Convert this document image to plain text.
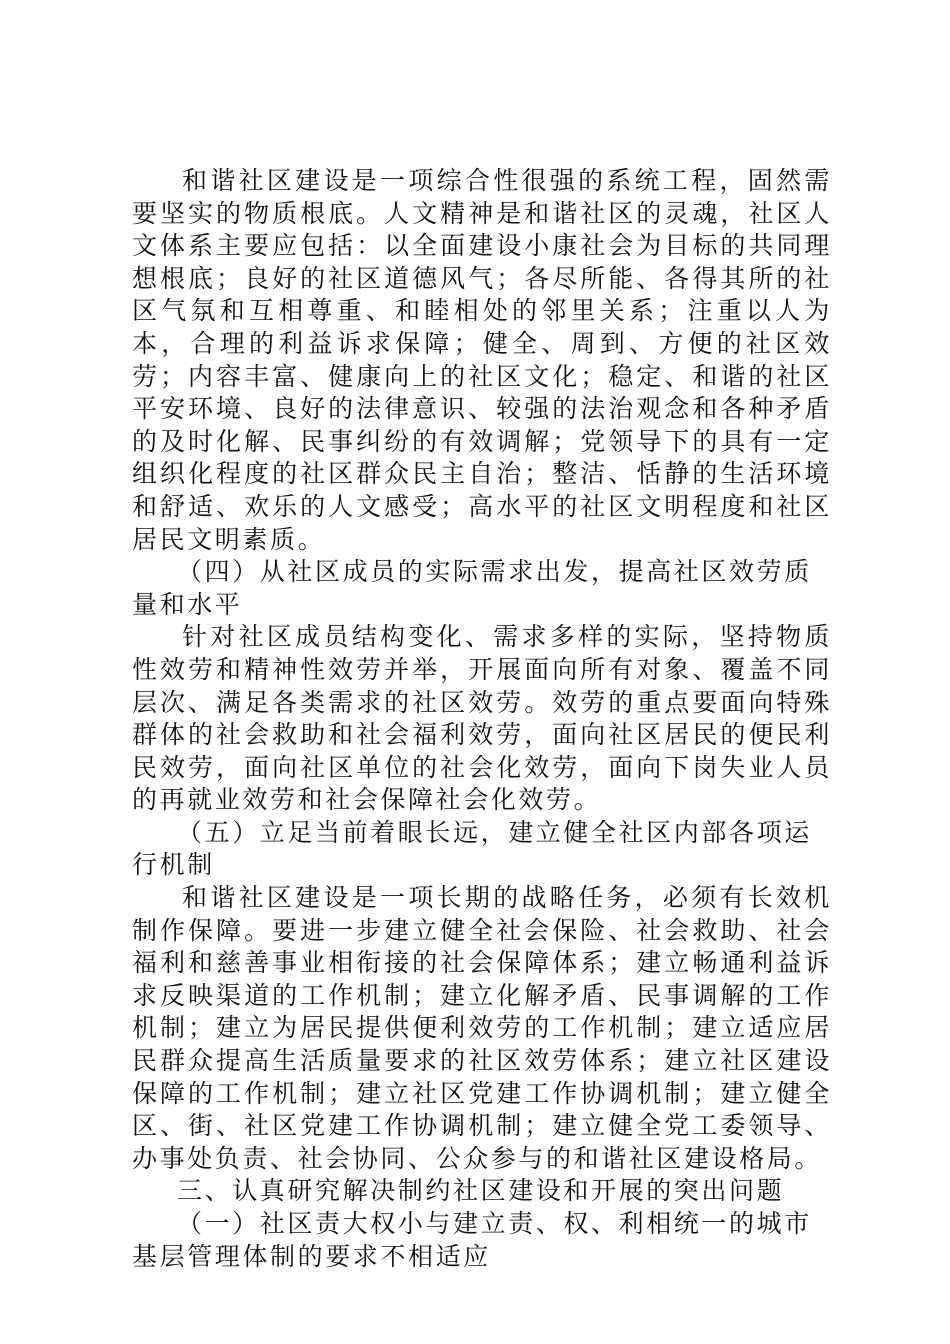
和谐社区建设是一项综合性很强的系统工程，固然需要坚实的物质根底。人文精神是和谐社区的灵魂，社区人文体系主要应包括：以全面建设小康社会为目标的共同理想根底；良好的社区道德风气；各尽所能、各得其所的社区气氛和互相尊重、和睦相处的邻里关系；注重以人为本，合理的利益诉求保障；健全、周到、方便的社区效劳；内容丰富、健康向上的社区文化；稳定、和谐的社区平安环境、良好的法律意识、较强的法治观念和各种矛盾的及时化解、民事纠纷的有效调解；党领导下的具有一定组织化程度的社区群众民主自治；整洁、恬静的生活环境和舒适、欢乐的人文感受；高水平的社区文明程度和社区居民文明素质。

（四）从社区成员的实际需求出发，提高社区效劳质量和水平

针对社区成员结构变化、需求多样的实际，坚持物质性效劳和精神性效劳并举，开展面向所有对象、覆盖不同层次、满足各类需求的社区效劳。效劳的重点要面向特殊群体的社会救助和社会福利效劳，面向社区居民的便民利民效劳，面向社区单位的社会化效劳，面向下岗失业人员的再就业效劳和社会保障社会化效劳。

（五）立足当前着眼长远，建立健全社区内部各项运行机制

和谐社区建设是一项长期的战略任务，必须有长效机制作保障。要进一步建立健全社会保险、社会救助、社会福利和慈善事业相衔接的社会保障体系；建立畅通利益诉求反映渠道的工作机制；建立化解矛盾、民事调解的工作机制；建立为居民提供便利效劳的工作机制；建立适应居民群众提高生活质量要求的社区效劳体系；建立社区建设保障的工作机制；建立社区党建工作协调机制；建立健全区、街、社区党建工作协调机制；建立健全党工委领导、办事处负责、社会协同、公众参与的和谐社区建设格局。

三、认真研究解决制约社区建设和开展的突出问题

（一）社区责大权小与建立责、权、利相统一的城市基层管理体制的要求不相适应
